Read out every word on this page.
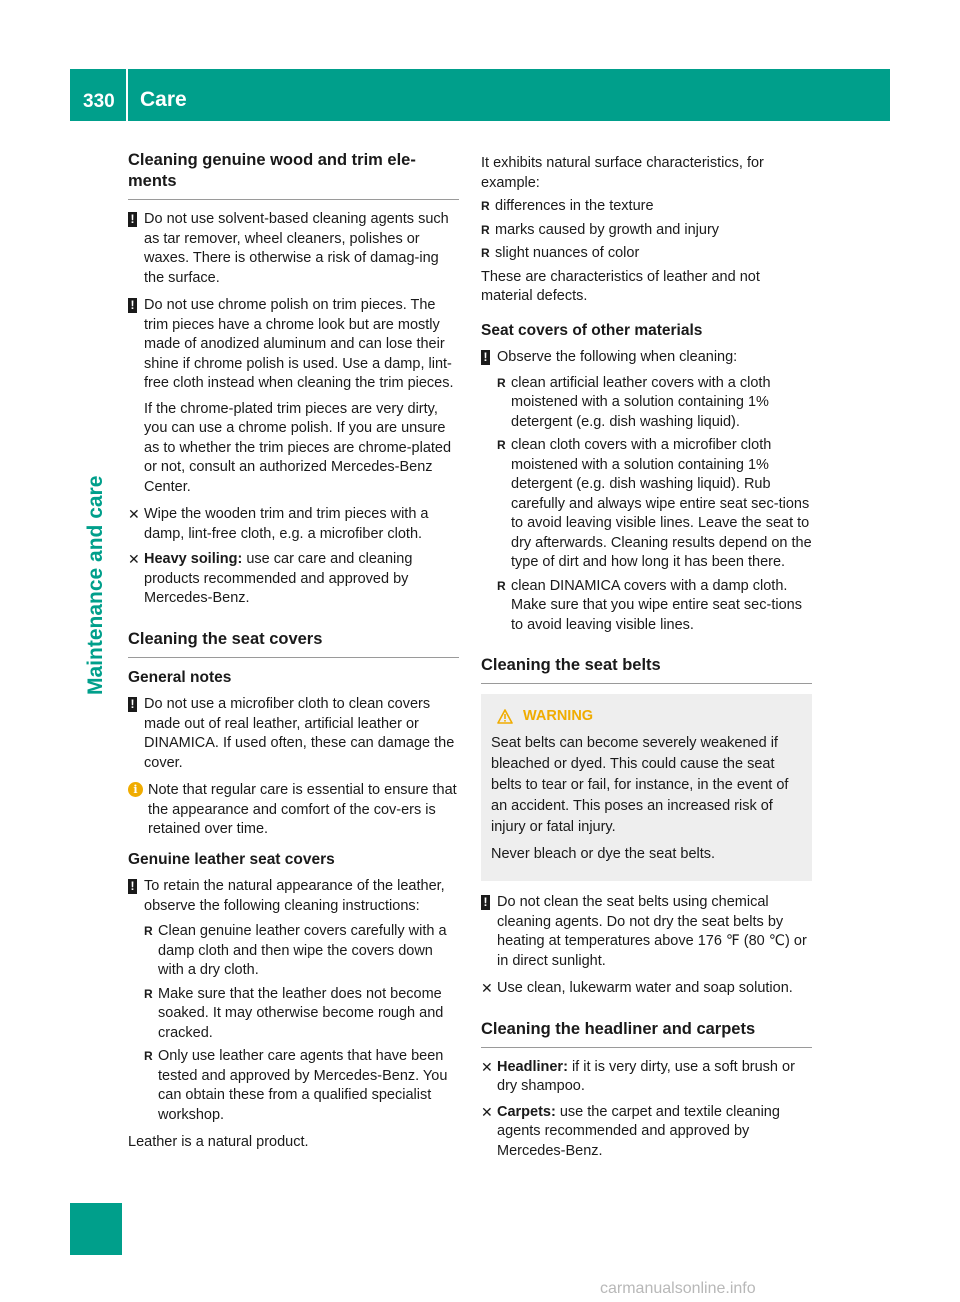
330 Care
Maintenance and care
Cleaning genuine wood and trim ele-ments
! Do not use solvent-based cleaning agents such as tar remover, wheel cleaners, polishes or waxes. There is otherwise a risk of damag-ing the surface.

! Do not use chrome polish on trim pieces. The trim pieces have a chrome look but are mostly made of anodized aluminum and can lose their shine if chrome polish is used. Use a damp, lint-free cloth instead when cleaning the trim pieces.

If the chrome-plated trim pieces are very dirty, you can use a chrome polish. If you are unsure as to whether the trim pieces are chrome-plated or not, consult an authorized Mercedes-Benz Center.

✕ Wipe the wooden trim and trim pieces with a damp, lint-free cloth, e.g. a microfiber cloth.

✕ Heavy soiling: use car care and cleaning products recommended and approved by Mercedes-Benz.

Cleaning the seat covers
General notes
! Do not use a microfiber cloth to clean covers made out of real leather, artificial leather or DINAMICA. If used often, these can damage the cover.

i Note that regular care is essential to ensure that the appearance and comfort of the cov-ers is retained over time.

Genuine leather seat covers
! To retain the natural appearance of the leather, observe the following cleaning instructions:

R Clean genuine leather covers carefully with a damp cloth and then wipe the covers down with a dry cloth.
R Make sure that the leather does not become soaked. It may otherwise become rough and cracked.
R Only use leather care agents that have been tested and approved by Mercedes-Benz. You can obtain these from a qualified specialist workshop.

Leather is a natural product.

It exhibits natural surface characteristics, for example:

R differences in the texture
R marks caused by growth and injury
R slight nuances of color

These are characteristics of leather and not material defects.

Seat covers of other materials
! Observe the following when cleaning:

R clean artificial leather covers with a cloth moistened with a solution containing 1% detergent (e.g. dish washing liquid).
R clean cloth covers with a microfiber cloth moistened with a solution containing 1% detergent (e.g. dish washing liquid). Rub carefully and always wipe entire seat sec-tions to avoid leaving visible lines. Leave the seat to dry afterwards. Cleaning results depend on the type of dirt and how long it has been there.
R clean DINAMICA covers with a damp cloth. Make sure that you wipe entire seat sec-tions to avoid leaving visible lines.
Cleaning the seat belts
WARNING

Seat belts can become severely weakened if bleached or dyed. This could cause the seat belts to tear or fail, for instance, in the event of an accident. This poses an increased risk of injury or fatal injury.

Never bleach or dye the seat belts.

! Do not clean the seat belts using chemical cleaning agents. Do not dry the seat belts by heating at temperatures above 176 ℉ (80 ℃) or in direct sunlight.

✕ Use clean, lukewarm water and soap solution.

Cleaning the headliner and carpets
✕ Headliner: if it is very dirty, use a soft brush or dry shampoo.

✕ Carpets: use the carpet and textile cleaning agents recommended and approved by Mercedes-Benz.

carmanualsonline.info
